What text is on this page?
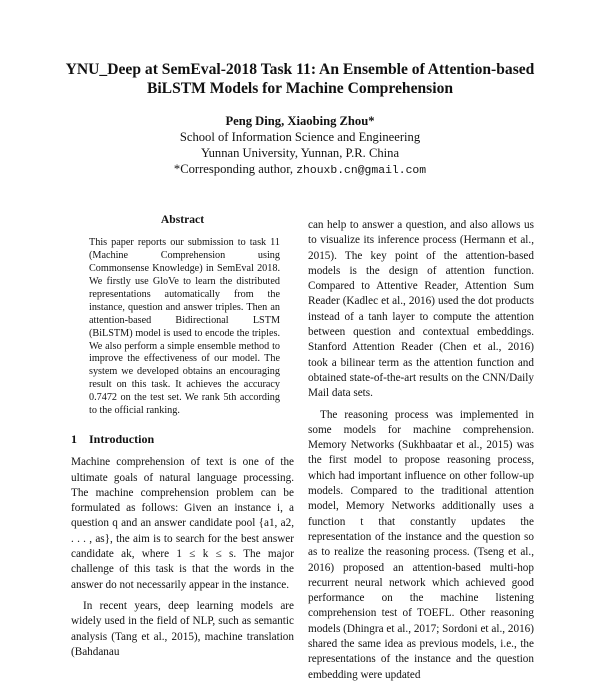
YNU_Deep at SemEval-2018 Task 11: An Ensemble of Attention-based
BiLSTM Models for Machine Comprehension
Peng Ding, Xiaobing Zhou*
School of Information Science and Engineering
Yunnan University, Yunnan, P.R. China
*Corresponding author, zhouxb.cn@gmail.com
Abstract

This paper reports our submission to task 11 (Machine Comprehension using Commonsense Knowledge) in SemEval 2018. We firstly use GloVe to learn the distributed representations automatically from the instance, question and answer triples. Then an attention-based Bidirectional LSTM (BiLSTM) model is used to encode the triples. We also perform a simple ensemble method to improve the effectiveness of our model. The system we developed obtains an encouraging result on this task. It achieves the accuracy 0.7472 on the test set. We rank 5th according to the official ranking.

1 Introduction

Machine comprehension of text is one of the ultimate goals of natural language processing. The machine comprehension problem can be formulated as follows: Given an instance i, a question q and an answer candidate pool {a1, a2, . . . , as}, the aim is to search for the best answer candidate ak, where 1 ≤ k ≤ s. The major challenge of this task is that the words in the answer do not necessarily appear in the instance.

In recent years, deep learning models are widely used in the field of NLP, such as semantic analysis (Tang et al., 2015), machine translation (Bahdanau

can help to answer a question, and also allows us to visualize its inference process (Hermann et al., 2015). The key point of the attention-based models is the design of attention function. Compared to Attentive Reader, Attention Sum Reader (Kadlec et al., 2016) used the dot products instead of a tanh layer to compute the attention between question and contextual embeddings. Stanford Attention Reader (Chen et al., 2016) took a bilinear term as the attention function and obtained state-of-the-art results on the CNN/Daily Mail data sets.

The reasoning process was implemented in some models for machine comprehension. Memory Networks (Sukhbaatar et al., 2015) was the first model to propose reasoning process, which had important influence on other follow-up models. Compared to the traditional attention model, Memory Networks additionally uses a function t that constantly updates the representation of the instance and the question so as to realize the reasoning process. (Tseng et al., 2016) proposed an attention-based multi-hop recurrent neural network which achieved good performance on the machine listening comprehension test of TOEFL. Other reasoning models (Dhingra et al., 2017; Sordoni et al., 2016) shared the same idea as previous models, i.e., the representations of the instance and the question embedding were updated
